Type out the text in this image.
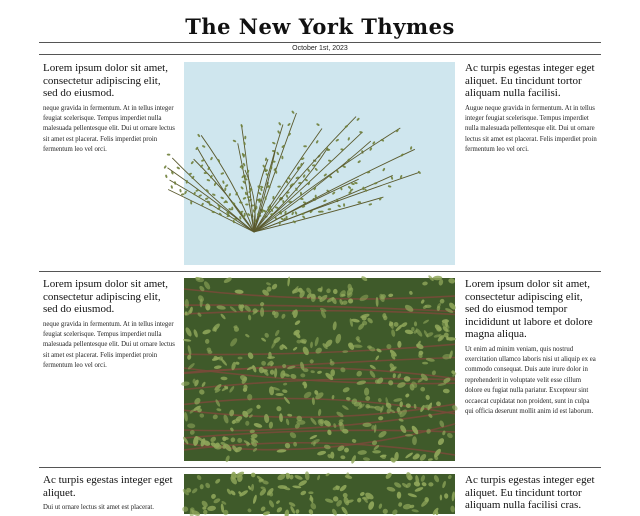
The New York Thymes
October 1st, 2023

Lorem ipsum dolor sit amet, consectetur adipiscing elit, sed do eiusmod.

neque gravida in fermentum. At in tellus integer feugiat scelerisque. Tempus imperdiet nulla malesuada pellentesque elit. Dui ut ornare lectus sit amet est placerat. Felis imperdiet proin fermentum leo vel orci.

Ac turpis egestas integer eget aliquet. Eu tincidunt tortor aliquam nulla facilisi.

Augue neque gravida in fermentum. At in tellus integer feugiat scelerisque. Tempus imperdiet nulla malesuada pellentesque elit. Dui ut ornare lectus sit amet est placerat. Felis imperdiet proin fermentum leo vel orci.

Lorem ipsum dolor sit amet, consectetur adipiscing elit, sed do eiusmod.

neque gravida in fermentum. At in tellus integer feugiat scelerisque. Tempus imperdiet nulla malesuada pellentesque elit. Dui ut ornare lectus sit amet est placerat. Felis imperdiet proin fermentum leo vel orci.

Lorem ipsum dolor sit amet, consectetur adipiscing elit, sed do eiusmod tempor incididunt ut labore et dolore magna aliqua.

Ut enim ad minim veniam, quis nostrud exercitation ullamco laboris nisi ut aliquip ex ea commodo consequat. Duis aute irure dolor in reprehenderit in voluptate velit esse cillum dolore eu fugiat nulla pariatur. Excepteur sint occaecat cupidatat non proident, sunt in culpa qui officia deserunt mollit anim id est laborum.

Ac turpis egestas integer eget aliquet.

Dui ut ornare lectus sit amet est placerat.

Ac turpis egestas integer eget aliquet. Eu tincidunt tortor aliquam nulla facilisi cras.
